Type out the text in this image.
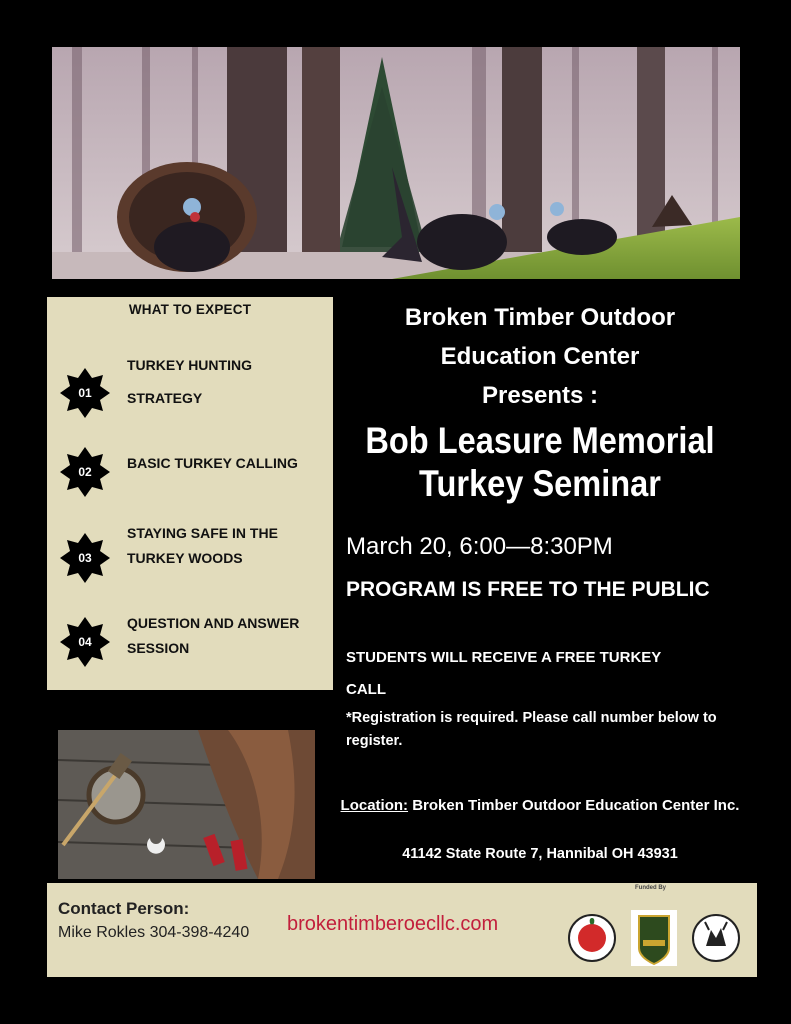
WHAT TO EXPECT
01
TURKEY HUNTING STRATEGY
02
BASIC TURKEY CALLING
03
STAYING SAFE IN THE TURKEY WOODS
04
QUESTION AND ANSWER SESSION
Broken Timber Outdoor
Education Center
Presents :
Bob Leasure Memorial
Turkey Seminar
March 20, 6:00—8:30PM
PROGRAM IS FREE TO THE PUBLIC
STUDENTS WILL RECEIVE A FREE TURKEY CALL
*Registration is required. Please call number below to register.
Location: Broken Timber Outdoor Education Center Inc.
41142 State Route 7, Hannibal OH 43931
Contact Person:
Mike Rokles 304-398-4240 brokentimberoecllc.com
Funded By
